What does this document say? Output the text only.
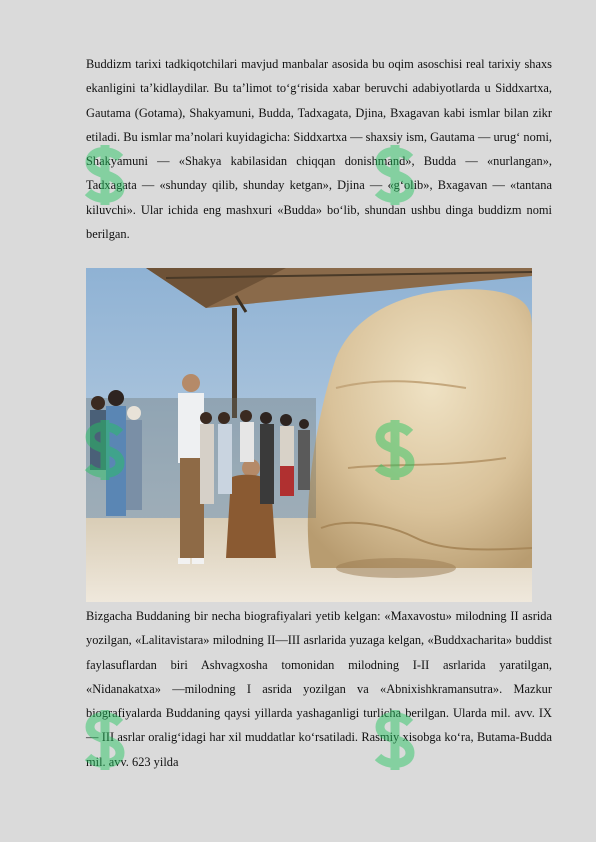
Buddizm tarixi tadkiqotchilari mavjud manbalar asosida bu oqim asoschisi real tarixiy shaxs ekanligini ta’kidlaydilar. Bu ta’limot to‘g‘risida xabar beruvchi adabiyotlarda u Siddxartxa, Gautama (Gotama), Shakyamuni, Budda, Tadxagata, Djina, Bxagavan kabi ismlar bilan zikr etiladi. Bu ismlar ma’nolari kuyidagicha: Siddxartxa — shaxsiy ism, Gautama — urug‘ nomi, Shakyamuni — «Shakya kabilasidan chiqqan donishmand», Budda — «nurlangan», Tadxagata — «shunday qilib, shunday ketgan», Djina — «g‘olib», Bxagavan — «tantana kiluvchi». Ular ichida eng mashxuri «Budda» bo‘lib, shundan ushbu dinga buddizm nomi berilgan.

Bizgacha Buddaning bir necha biografiyalari yetib kelgan: «Maxavostu» milodning II asrida yozilgan, «Lalitavistara» milodning II—III asrlarida yuzaga kelgan, «Buddxacharita» buddist faylasuflardan biri Ashvagxosha tomonidan milodning I-II asrlarida yaratilgan, «Nidanakatxa» —milodning I asrida yozilgan va «Abnixishkramansutra». Mazkur biografiyalarda Buddaning qaysi yillarda yashaganligi turlicha berilgan. Ularda mil. avv. IX — III asrlar oralig‘idagi har xil muddatlar ko‘rsatiladi. Rasmiy xisobga ko‘ra, Butama-Budda mil. avv. 623 yilda
